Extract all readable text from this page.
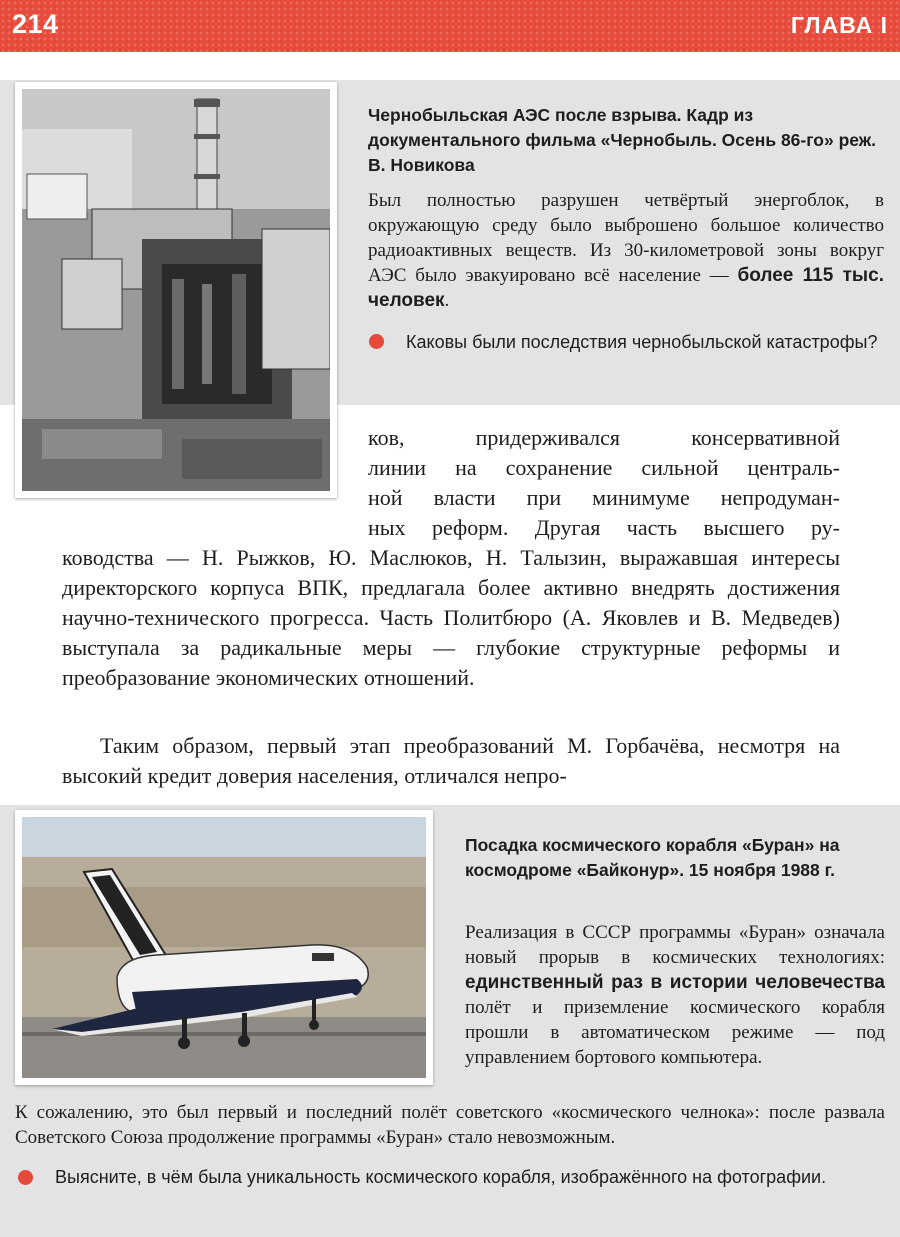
214	ГЛАВА I
Чернобыльская АЭС после взрыва. Кадр из документального фильма «Чернобыль. Осень 86-го» реж. В. Новикова
Был полностью разрушен четвёртый энергоблок, в окружающую среду было выброшено большое количество радиоактивных веществ. Из 30-километровой зоны вокруг АЭС было эвакуировано всё население — более 115 тыс. человек.
Каковы были последствия чернобыльской катастрофы?
ков, придерживался консервативной
линии на сохранение сильной централь-
ной власти при минимуме непродуман-
ных реформ. Другая часть высшего ру-
ководства — Н. Рыжков, Ю. Маслюков, Н. Талызин, выражавшая интересы директорского корпуса ВПК, предлагала более активно внедрять достижения научно-технического прогресса. Часть Политбюро (А. Яковлев и В. Медведев) выступала за радикальные меры — глубокие структурные реформы и преобразование экономических отношений.
Таким образом, первый этап преобразований М. Горбачёва, несмотря на высокий кредит доверия населения, отличался непро-
Посадка космического корабля «Буран» на космодроме «Байконур». 15 ноября 1988 г.
Реализация в СССР программы «Буран» означала новый прорыв в космических технологиях: единственный раз в истории человечества полёт и приземление космического корабля прошли в автоматическом режиме — под управлением бортового компьютера.
К сожалению, это был первый и последний полёт советского «космического челнока»: после развала Советского Союза продолжение программы «Буран» стало невозможным.
Выясните, в чём была уникальность космического корабля, изображённого на фотографии.
